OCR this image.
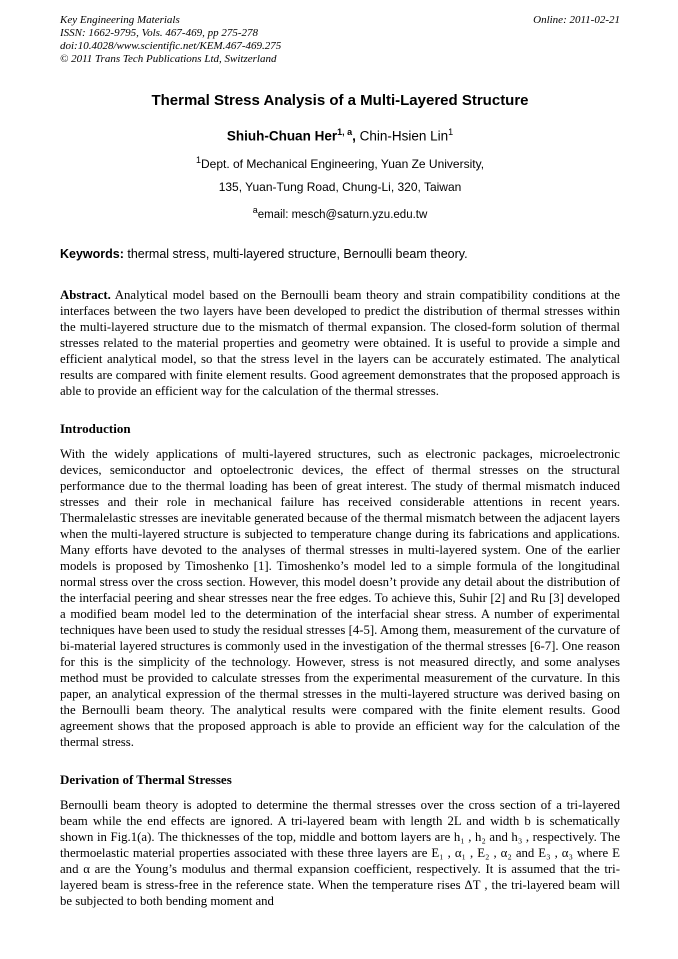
Key Engineering Materials
ISSN: 1662-9795, Vols. 467-469, pp 275-278
doi:10.4028/www.scientific.net/KEM.467-469.275
© 2011 Trans Tech Publications Ltd, Switzerland
Online: 2011-02-21
Thermal Stress Analysis of a Multi-Layered Structure
Shiuh-Chuan Her$^{1, a}$, Chin-Hsien Lin$^1$
$^1$Dept. of Mechanical Engineering, Yuan Ze University,
135, Yuan-Tung Road, Chung-Li, 320, Taiwan
$^a$email: mesch@saturn.yzu.edu.tw
Keywords: thermal stress, multi-layered structure, Bernoulli beam theory.
Abstract. Analytical model based on the Bernoulli beam theory and strain compatibility conditions at the interfaces between the two layers have been developed to predict the distribution of thermal stresses within the multi-layered structure due to the mismatch of thermal expansion. The closed-form solution of thermal stresses related to the material properties and geometry were obtained. It is useful to provide a simple and efficient analytical model, so that the stress level in the layers can be accurately estimated. The analytical results are compared with finite element results. Good agreement demonstrates that the proposed approach is able to provide an efficient way for the calculation of the thermal stresses.
Introduction
With the widely applications of multi-layered structures, such as electronic packages, microelectronic devices, semiconductor and optoelectronic devices, the effect of thermal stresses on the structural performance due to the thermal loading has been of great interest. The study of thermal mismatch induced stresses and their role in mechanical failure has received considerable attentions in recent years. Thermalelastic stresses are inevitable generated because of the thermal mismatch between the adjacent layers when the multi-layered structure is subjected to temperature change during its fabrications and applications. Many efforts have devoted to the analyses of thermal stresses in multi-layered system. One of the earlier models is proposed by Timoshenko [1]. Timoshenko’s model led to a simple formula of the longitudinal normal stress over the cross section. However, this model doesn’t provide any detail about the distribution of the interfacial peering and shear stresses near the free edges. To achieve this, Suhir [2] and Ru [3] developed a modified beam model led to the determination of the interfacial shear stress. A number of experimental techniques have been used to study the residual stresses [4-5]. Among them, measurement of the curvature of bi-material layered structures is commonly used in the investigation of the thermal stresses [6-7]. One reason for this is the simplicity of the technology. However, stress is not measured directly, and some analyses method must be provided to calculate stresses from the experimental measurement of the curvature. In this paper, an analytical expression of the thermal stresses in the multi-layered structure was derived basing on the Bernoulli beam theory. The analytical results were compared with the finite element results. Good agreement shows that the proposed approach is able to provide an efficient way for the calculation of the thermal stress.
Derivation of Thermal Stresses
Bernoulli beam theory is adopted to determine the thermal stresses over the cross section of a tri-layered beam while the end effects are ignored. A tri-layered beam with length 2L and width b is schematically shown in Fig.1(a). The thicknesses of the top, middle and bottom layers are h₁ , h₂ and h₃ , respectively. The thermoelastic material properties associated with these three layers are E₁ , α₁ , E₂ , α₂ and E₃ , α₃ where E and α are the Young’s modulus and thermal expansion coefficient, respectively. It is assumed that the tri-layered beam is stress-free in the reference state. When the temperature rises ΔT , the tri-layered beam will be subjected to both bending moment and
